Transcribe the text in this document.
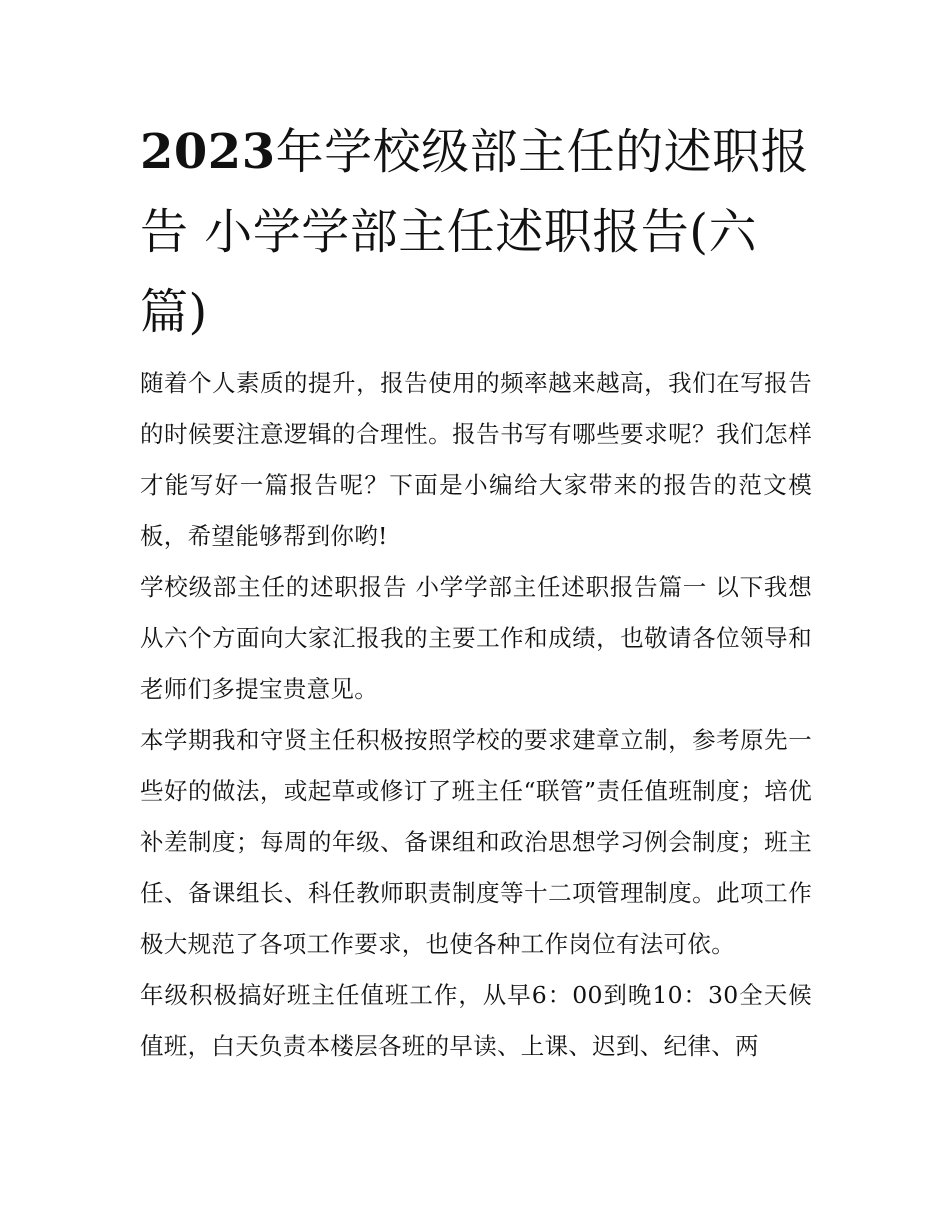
2023年学校级部主任的述职报告 小学学部主任述职报告(六篇)

随着个人素质的提升，报告使用的频率越来越高，我们在写报告的时候要注意逻辑的合理性。报告书写有哪些要求呢？我们怎样才能写好一篇报告呢？下面是小编给大家带来的报告的范文模板，希望能够帮到你哟!

学校级部主任的述职报告 小学学部主任述职报告篇一 以下我想从六个方面向大家汇报我的主要工作和成绩，也敬请各位领导和老师们多提宝贵意见。

本学期我和守贤主任积极按照学校的要求建章立制，参考原先一些好的做法，或起草或修订了班主任“联管”责任值班制度；培优补差制度；每周的年级、备课组和政治思想学习例会制度；班主任、备课组长、科任教师职责制度等十二项管理制度。此项工作极大规范了各项工作要求，也使各种工作岗位有法可依。

年级积极搞好班主任值班工作，从早6：00到晚10：30全天候值班，白天负责本楼层各班的早读、上课、迟到、纪律、两
